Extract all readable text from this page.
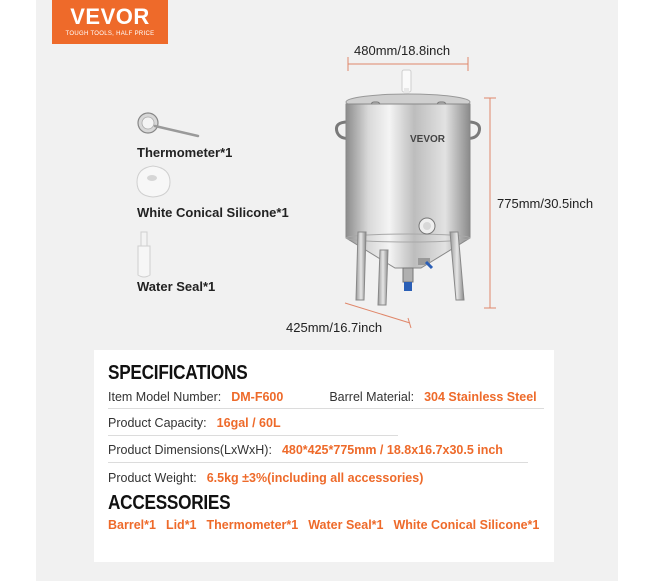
VEVOR
TOUGH TOOLS, HALF PRICE
VEVOR
Thermometer*1
White Conical Silicone*1
Water Seal*1
480mm/18.8inch
775mm/30.5inch
425mm/16.7inch
SPECIFICATIONS
Item Model Number: DM-F600	Barrel Material: 304 Stainless Steel
Product Capacity: 16gal / 60L
Product Dimensions(LxWxH): 480*425*775mm / 18.8x16.7x30.5 inch
Product Weight: 6.5kg ±3%(including all accessories)
ACCESSORIES
Barrel*1 Lid*1 Thermometer*1 Water Seal*1 White Conical Silicone*1
